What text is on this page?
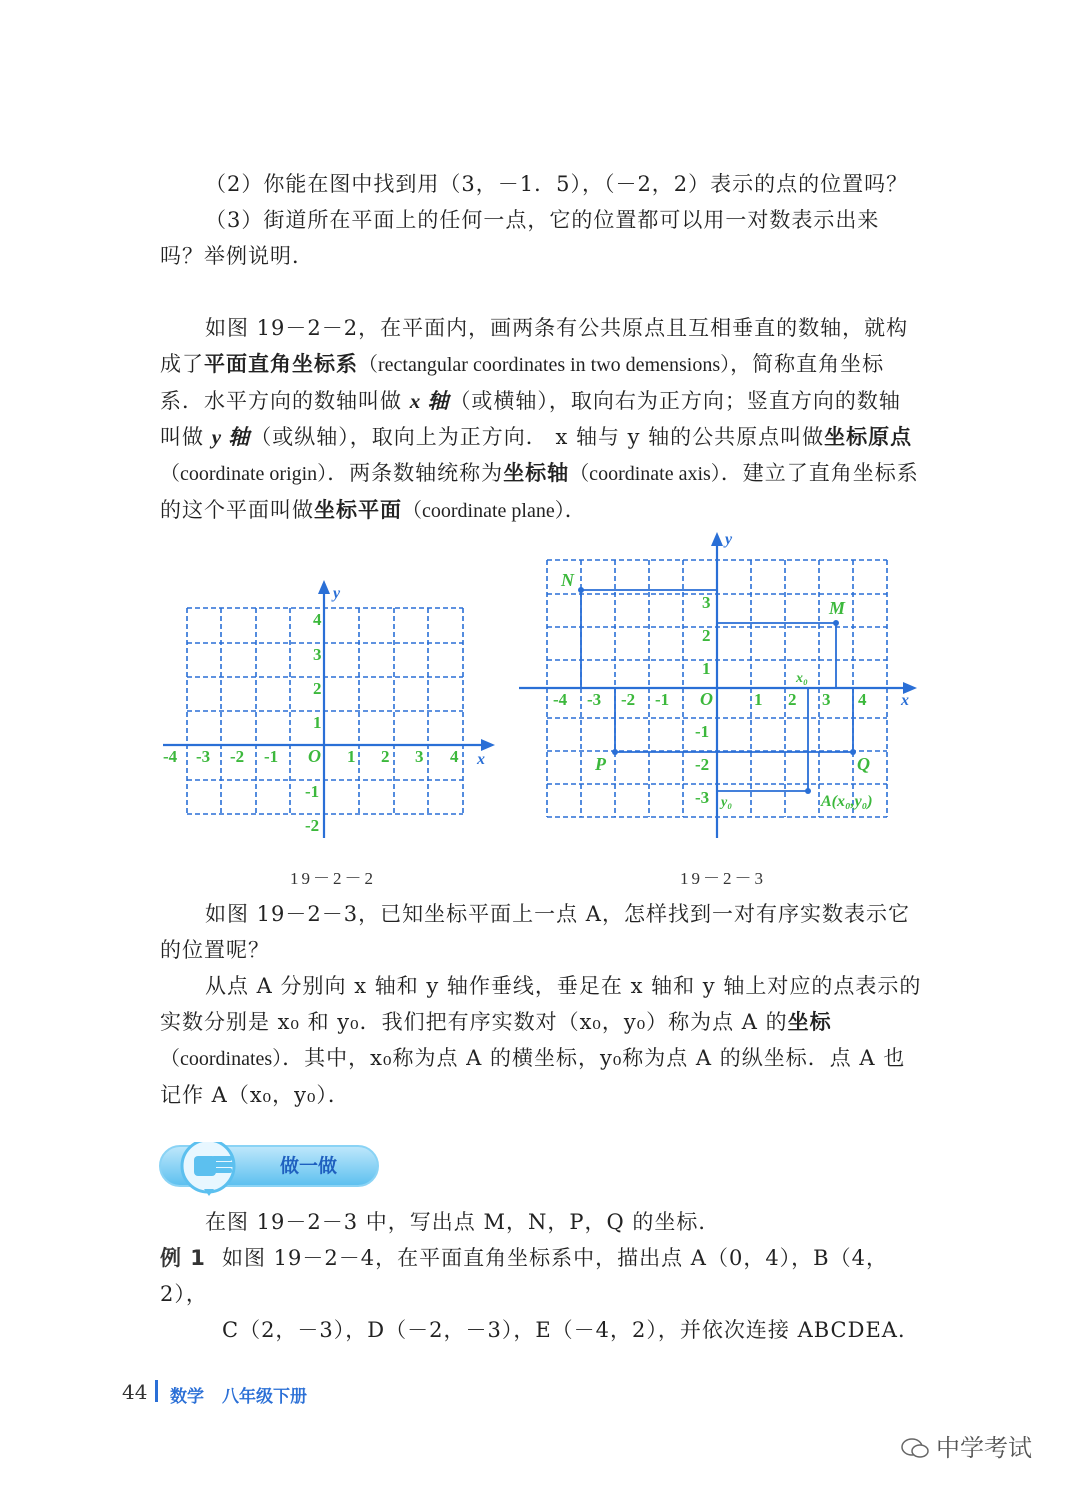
（2）你能在图中找到用（3，－1．5），（－2，2）表示的点的位置吗？

（3）街道所在平面上的任何一点，它的位置都可以用一对数表示出来吗？举例说明．

如图 19－2－2，在平面内，画两条有公共原点且互相垂直的数轴，就构成了平面直角坐标系（rectangular coordinates in two demensions），简称直角坐标系．水平方向的数轴叫做 x 轴（或横轴），取向右为正方向；竖直方向的数轴叫做 y 轴（或纵轴），取向上为正方向． x 轴与 y 轴的公共原点叫做坐标原点（coordinate origin）．两条数轴统称为坐标轴（coordinate axis）．建立了直角坐标系的这个平面叫做坐标平面（coordinate plane）．

-4 -3 -2 -1	1 2 3 4
4
3
2
1
-1
-2
O	x
y
19－2－2
-4 -3 -2 -1	1 2 3 4
3
2
1
-1
-2
-3
O
N
M
P	Q
A(x₀,y₀)
x₀
y₀
x
y
19－2－3

如图 19－2－3，已知坐标平面上一点 A，怎样找到一对有序实数表示它的位置呢？

从点 A 分别向 x 轴和 y 轴作垂线，垂足在 x 轴和 y 轴上对应的点表示的实数分别是 x₀ 和 y₀．我们把有序实数对（x₀，y₀）称为点 A 的坐标（coordinates）．其中，x₀称为点 A 的横坐标，y₀称为点 A 的纵坐标．点 A 也记作 A（x₀，y₀）．

做一做

在图 19－2－3 中，写出点 M，N，P，Q 的坐标．

例 1 如图 19－2－4，在平面直角坐标系中，描出点 A（0，4），B（4，2），
C（2，－3），D（－2，－3），E（－4，2），并依次连接 ABCDEA．
44 数学 八年级下册
中学考试
